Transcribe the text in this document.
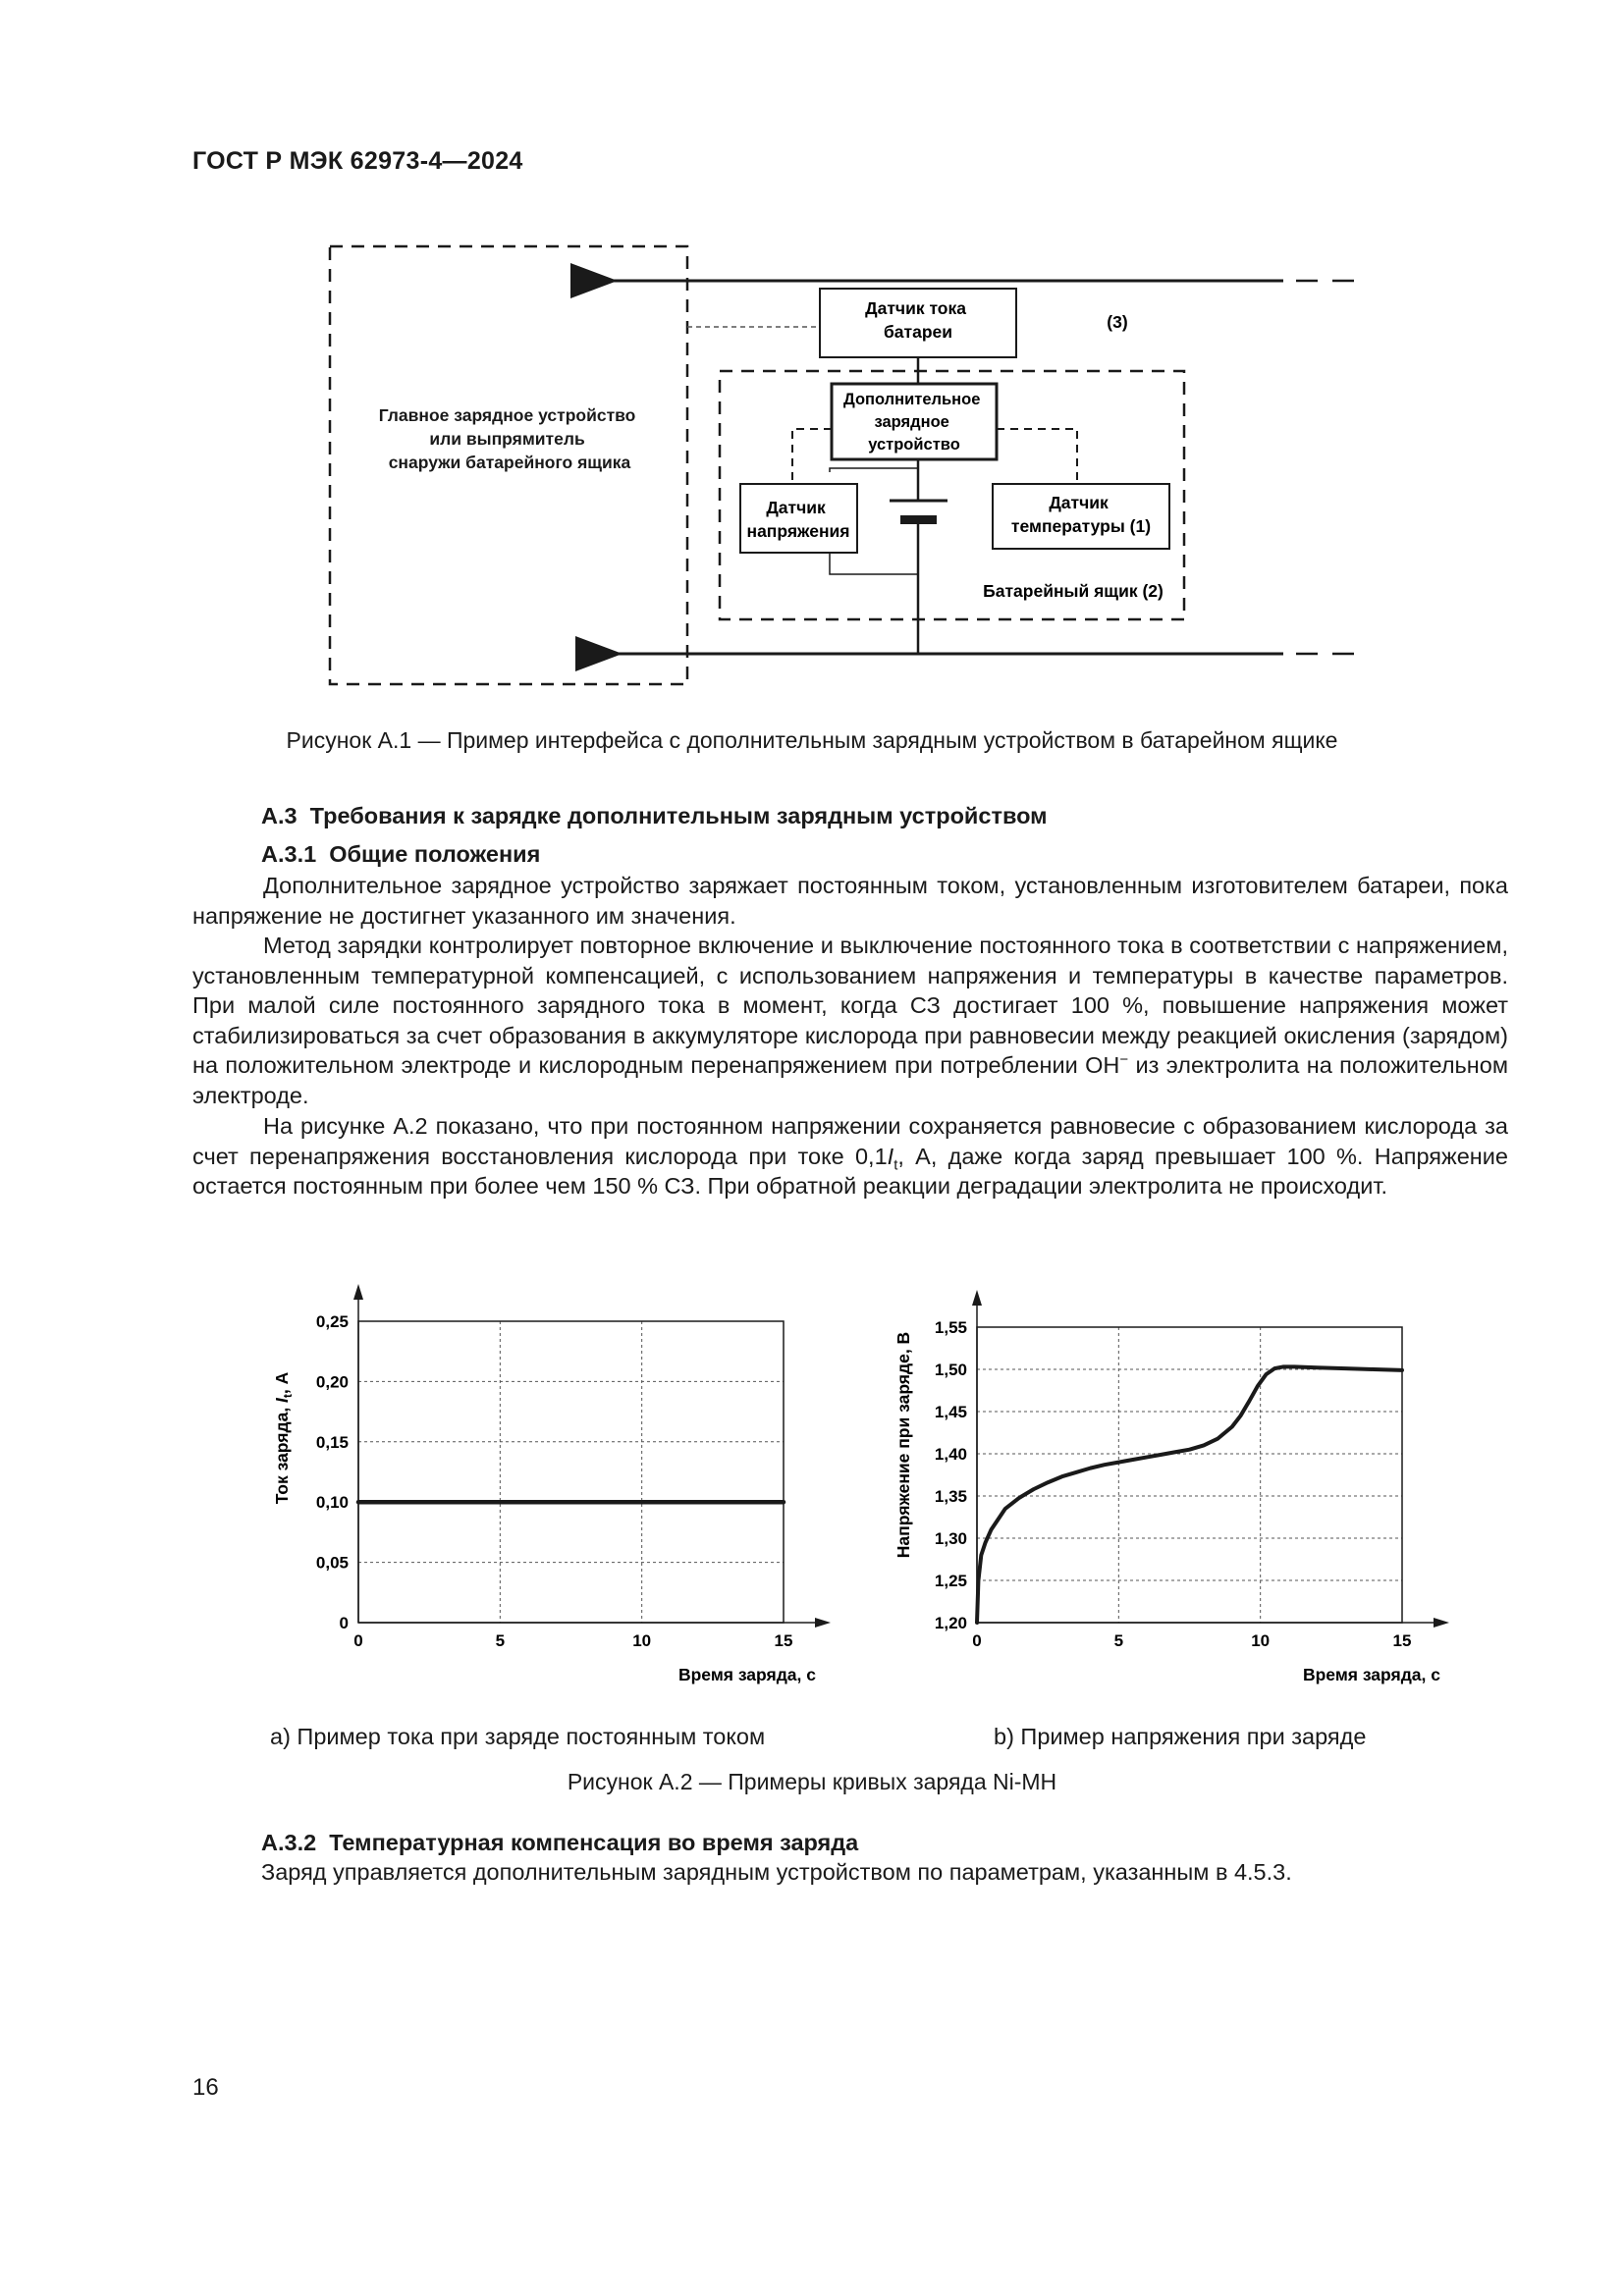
ГОСТ Р МЭК 62973-4—2024
Главное зарядное устройство или выпрямитель снаружи батарейного ящика
Датчик тока батареи	(3)
Батарейный ящик (2)
Дополнительное зарядное устройство
Датчик напряжения
Датчик температуры (1)
Рисунок А.1 — Пример интерфейса с дополнительным зарядным устройством в батарейном ящике
А.3 Требования к зарядке дополнительным зарядным устройством
А.3.1 Общие положения

Дополнительное зарядное устройство заряжает постоянным током, установленным изготовителем батареи, пока напряжение не достигнет указанного им значения.

Метод зарядки контролирует повторное включение и выключение постоянного тока в соответствии с напряжением, установленным температурной компенсацией, с использованием напряжения и температуры в качестве параметров. При малой силе постоянного зарядного тока в момент, когда СЗ достигает 100 %, повышение напряжения может стабилизироваться за счет образования в аккумуляторе кислорода при равновесии между реакцией окисления (зарядом) на положительном электроде и кислородным перенапряжением при потреблении ОН− из электролита на положительном электроде.

На рисунке А.2 показано, что при постоянном напряжении сохраняется равновесие с образованием кислорода за счет перенапряжения восстановления кислорода при токе $0,1I_t$, А, даже когда заряд превышает 100 %. Напряжение остается постоянным при более чем 150 % СЗ. При обратной реакции деградации электролита не происходит.

0	5	10	15
0
0,05
0,10
0,15
0,20
0,25
Время заряда, с
Ток заряда, $I_t$, А
0	5	10	15
1,20
1,25
1,30
1,35
1,40
1,45
1,50
1,55
Время заряда, с
Напряжение при заряде, В
a) Пример тока при заряде постоянным током	b) Пример напряжения при заряде
Рисунок А.2 — Примеры кривых заряда Ni-MH
А.3.2 Температурная компенсация во время заряда
Заряд управляется дополнительным зарядным устройством по параметрам, указанным в 4.5.3.
16
